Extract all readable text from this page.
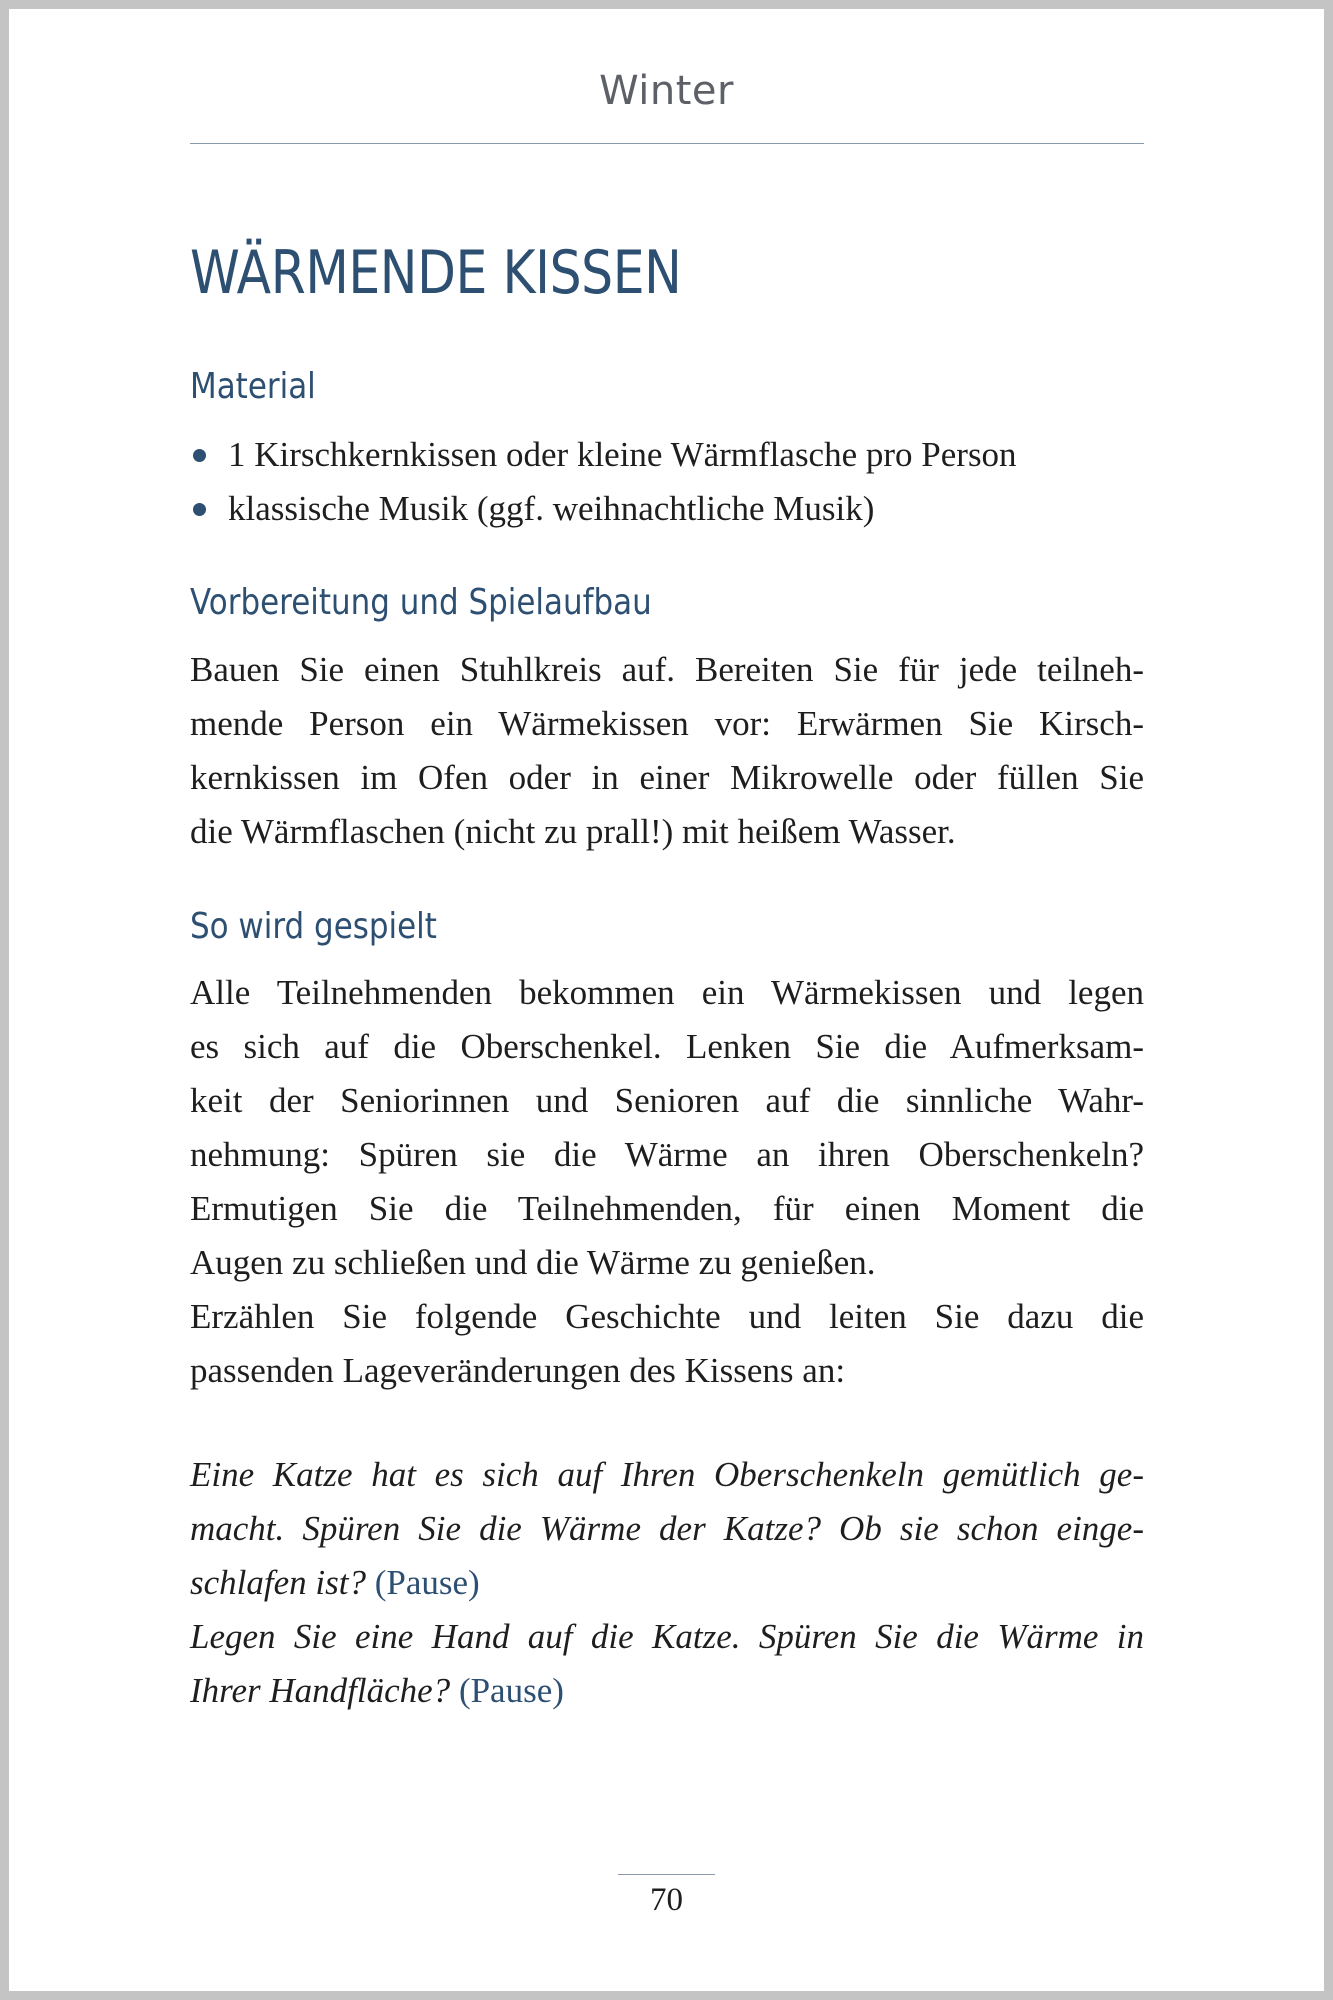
Winter
WÄRMENDE KISSEN
Material
1 Kirschkernkissen oder kleine Wärmflasche pro Person
klassische Musik (ggf. weihnachtliche Musik)
Vorbereitung und Spielaufbau
Bauen Sie einen Stuhlkreis auf. Bereiten Sie für jede teilneh-
mende Person ein Wärmekissen vor: Erwärmen Sie Kirsch-
kernkissen im Ofen oder in einer Mikrowelle oder füllen Sie
die Wärmflaschen (nicht zu prall!) mit heißem Wasser.
So wird gespielt
Alle Teilnehmenden bekommen ein Wärmekissen und legen
es sich auf die Oberschenkel. Lenken Sie die Aufmerksam-
keit der Seniorinnen und Senioren auf die sinnliche Wahr-
nehmung: Spüren sie die Wärme an ihren Oberschenkeln?
Ermutigen Sie die Teilnehmenden, für einen Moment die
Augen zu schließen und die Wärme zu genießen.
Erzählen Sie folgende Geschichte und leiten Sie dazu die
passenden Lageveränderungen des Kissens an:
Eine Katze hat es sich auf Ihren Oberschenkeln gemütlich ge-
macht. Spüren Sie die Wärme der Katze? Ob sie schon einge-
schlafen ist? (Pause)
Legen Sie eine Hand auf die Katze. Spüren Sie die Wärme in
Ihrer Handfläche? (Pause)
70
